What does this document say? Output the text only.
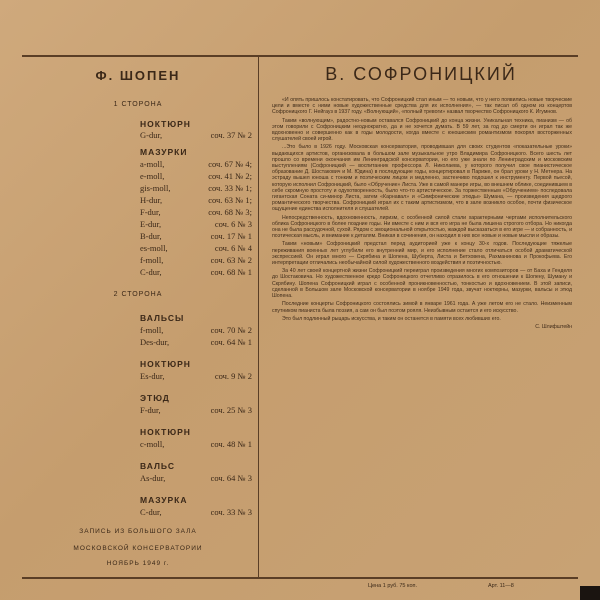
Ф. ШОПЕН	В. СОФРОНИЦКИЙ
1 СТОРОНА
НОКТЮРН
G-dur,	соч. 37 № 2
МАЗУРКИ
a-moll,	соч. 67 № 4;
e-moll,	соч. 41 № 2;
gis-moll,	соч. 33 № 1;
H-dur,	соч. 63 № 1;
F-dur,	соч. 68 № 3;
E-dur,	соч. 6 № 3
B-dur,	соч. 17 № 1
es-moll,	соч. 6 № 4
f-moll,	соч. 63 № 2
C-dur,	соч. 68 № 1
2 СТОРОНА
ВАЛЬСЫ
f-moll,	соч. 70 № 2
Des-dur,	соч. 64 № 1
НОКТЮРН
Es-dur,	соч. 9 № 2
ЭТЮД
F-dur,	соч. 25 № 3
НОКТЮРН
c-moll,	соч. 48 № 1
ВАЛЬС
As-dur,	соч. 64 № 3
МАЗУРКА
C-dur,	соч. 33 № 3
ЗАПИСЬ ИЗ БОЛЬШОГО ЗАЛА
МОСКОВСКОЙ КОНСЕРВАТОРИИ
НОЯБРЬ 1949 г.

«И опять пришлось констатировать, что Софроницкий стал иным — то новым, что у него появились новые творческие цели и вместе с ними новые художественные средства для их исполнения», — так писал об одном из концертов Софроницкого Г. Нейгауз в 1937 году. «Волнующий», «полный тревоги» назвал творчество Софроницкого К. Игумнов.

Таким «волнующим», радостно-новым оставался Софроницкий до конца жизни. Уникальная техника, пианизм — об этом говорили с Софроницким неоднократно, да и не хочется думать. В 59 лет, за год до смерти он играл так же вдохновенно и совершенно как в годы молодости, когда вместе с юношеским романтизмом покорял восторженных слушателей своей игрой.

...Это было в 1926 году. Московская консерватория, проводившая для своих студентов «показательные уроки» выдающихся артистов, организовала в большом зале музыкальное утро Владимира Софроницкого. Всего шесть лет прошло со времени окончания им Ленинградской консерватории, но его уже знали по Ленинградским и московским выступлениям (Софроницкий — воспитанник профессора Л. Николаева, у которого получил свое пианистическое образование Д. Шостакович и М. Юдина) в последующие годы, концертировал в Париже, он брал уроки у Н. Метнера. На эстраду вышел юноша с тонким и поэтическим лицом и медленно, застенчиво подошел к инструменту. Первой пьесой, которую исполнил Софроницкий, было «Обручение» Листа. Уже в самой манере игры, во внешнем облике, соединившем в себе скромную простоту и одухотворенность, было что-то артистическое. За торжественным «Обручением» последовала гигантская Соната си-минор Листа, затем «Карнавал» и «Симфонические этюды» Шумана, — произведения щедрого романтического творчества. Софроницкий играл их с таким артистизмом, что в зале возникло особое, почти физическое ощущение единства исполнителя и слушателей.

Непосредственность, вдохновенность, лиризм, с особенной силой стали характерными чертами исполнительского облика Софроницкого в более поздние годы. Ни вместе с ним и вся его игра не была лишена строгого отбора. Но никогда она не была рассудочной, сухой. Рядом с эмоциональной открытостью, жаждой высказаться в его игре — и собранность, и поэтическая мысль, и внимание к деталям. Вникая в сочинения, он находил в них все новые и новые мысли и образы.

Таким «новым» Софроницкий предстал перед аудиторией уже к концу 30-х годов. Последующие тяжелые переживания военных лет углубили его внутренний мир, и его исполнение стало отличаться особой драматической экспрессией. Он играл много — Скрябина и Шопена, Шуберта, Листа и Бетховена, Рахманинова и Прокофьева. Его интерпретации отличались необычайной силой художественного воздействия и поэтичностью.

За 40 лет своей концертной жизни Софроницкий переиграл произведения многих композиторов — от Баха и Генделя до Шостаковича. Но художественное кредо Софроницкого отчетливо отразилось в его отношении к Шопену, Шуману и Скрябину. Шопена Софроницкий играл с особенной проникновенностью, тонкостью и вдохновением. В этой записи, сделанной в Большом зале Московской консерватории в ноябре 1949 года, звучат ноктюрны, мазурки, вальсы и этюд Шопена.

Последние концерты Софроницкого состоялись зимой в январе 1961 года. А уже летом его не стало. Неизменным спутником пианиста была поэзия, а сам он был поэтом рояля. Неизбывным остается и его искусство.

Это был подлинный рыцарь искусства, и таким он останется в памяти всех любивших его.

С. Шлифштейн
Цена 1 руб. 75 коп.	Арт. 11—8
